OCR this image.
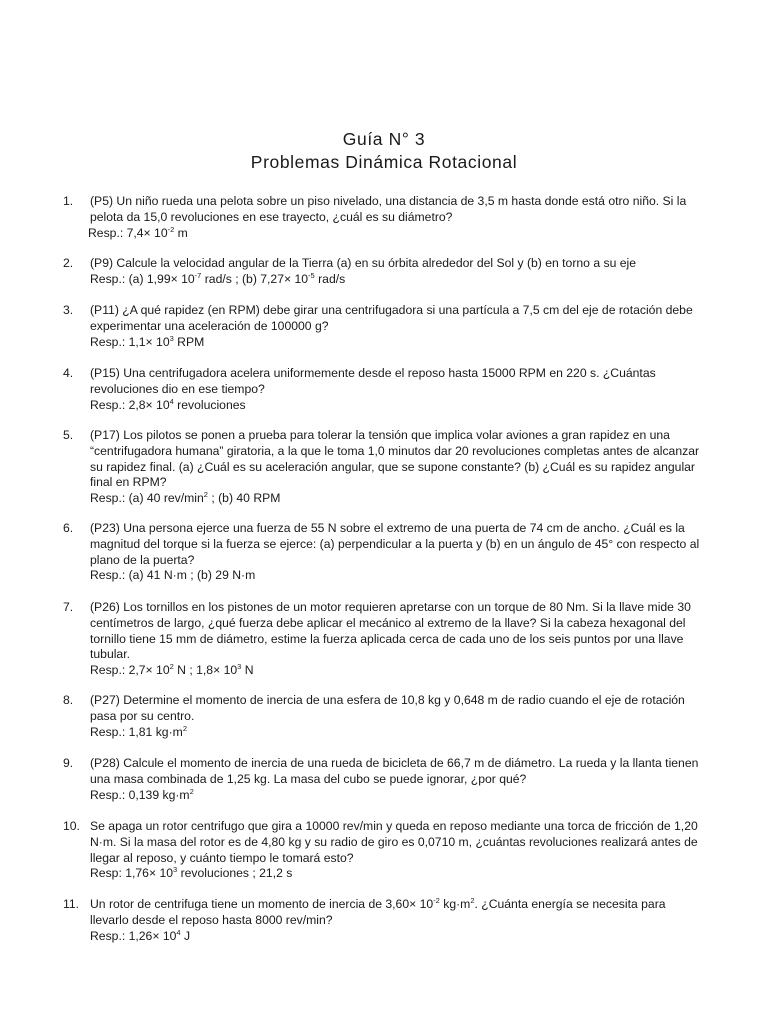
Guía N° 3
Problemas Dinámica Rotacional
1. (P5) Un niño rueda una pelota sobre un piso nivelado, una distancia de 3,5 m hasta donde está otro niño. Si la pelota da 15,0 revoluciones en ese trayecto, ¿cuál es su diámetro?
Resp.: $7,4\times 10^{-2}$ m
2. (P9) Calcule la velocidad angular de la Tierra (a) en su órbita alrededor del Sol y (b) en torno a su eje
Resp.: (a) $1,99\times 10^{-7}$ rad/s ; (b) $7,27\times 10^{-5}$ rad/s
3. (P11) ¿A qué rapidez (en RPM) debe girar una centrifugadora si una partícula a 7,5 cm del eje de rotación debe experimentar una aceleración de 100000 g?
Resp.: $1,1\times 10^3$ RPM
4. (P15) Una centrifugadora acelera uniformemente desde el reposo hasta 15000 RPM en 220 s. ¿Cuántas revoluciones dio en ese tiempo?
Resp.: $2,8\times 10^4$ revoluciones
5. (P17) Los pilotos se ponen a prueba para tolerar la tensión que implica volar aviones a gran rapidez en una “centrifugadora humana” giratoria, a la que le toma 1,0 minutos dar 20 revoluciones completas antes de alcanzar su rapidez final. (a) ¿Cuál es su aceleración angular, que se supone constante? (b) ¿Cuál es su rapidez angular final en RPM?
Resp.: (a) 40 rev/$\min^2$ ; (b) 40 RPM
6. (P23) Una persona ejerce una fuerza de 55 N sobre el extremo de una puerta de 74 cm de ancho. ¿Cuál es la magnitud del torque si la fuerza se ejerce: (a) perpendicular a la puerta y (b) en un ángulo de 45° con respecto al plano de la puerta?
Resp.: (a) 41 N·m ; (b) 29 N·m
7. (P26) Los tornillos en los pistones de un motor requieren apretarse con un torque de 80 Nm. Si la llave mide 30 centímetros de largo, ¿qué fuerza debe aplicar el mecánico al extremo de la llave? Si la cabeza hexagonal del tornillo tiene 15 mm de diámetro, estime la fuerza aplicada cerca de cada uno de los seis puntos por una llave tubular.
Resp.: $2,7\times 10^2$ N ; $1,8\times 10^3$ N
8. (P27) Determine el momento de inercia de una esfera de 10,8 kg y 0,648 m de radio cuando el eje de rotación pasa por su centro.
Resp.: 1,81 $kg\cdot m^2$
9. (P28) Calcule el momento de inercia de una rueda de bicicleta de 66,7 m de diámetro. La rueda y la llanta tienen una masa combinada de 1,25 kg. La masa del cubo se puede ignorar, ¿por qué?
Resp.: 0,139 $kg\cdot m^2$
10. Se apaga un rotor centrifugo que gira a 10000 rev/min y queda en reposo mediante una torca de fricción de 1,20 N·m. Si la masa del rotor es de 4,80 kg y su radio de giro es 0,0710 m, ¿cuántas revoluciones realizará antes de llegar al reposo, y cuánto tiempo le tomará esto?
Resp: $1,76\times 10^3$ revoluciones ; 21,2 s
11. Un rotor de centrifuga tiene un momento de inercia de $3,60\times 10^{-2}$ $kg\cdot m^2$. ¿Cuánta energía se necesita para llevarlo desde el reposo hasta 8000 rev/min?
Resp.: $1,26\times 10^4$ J
